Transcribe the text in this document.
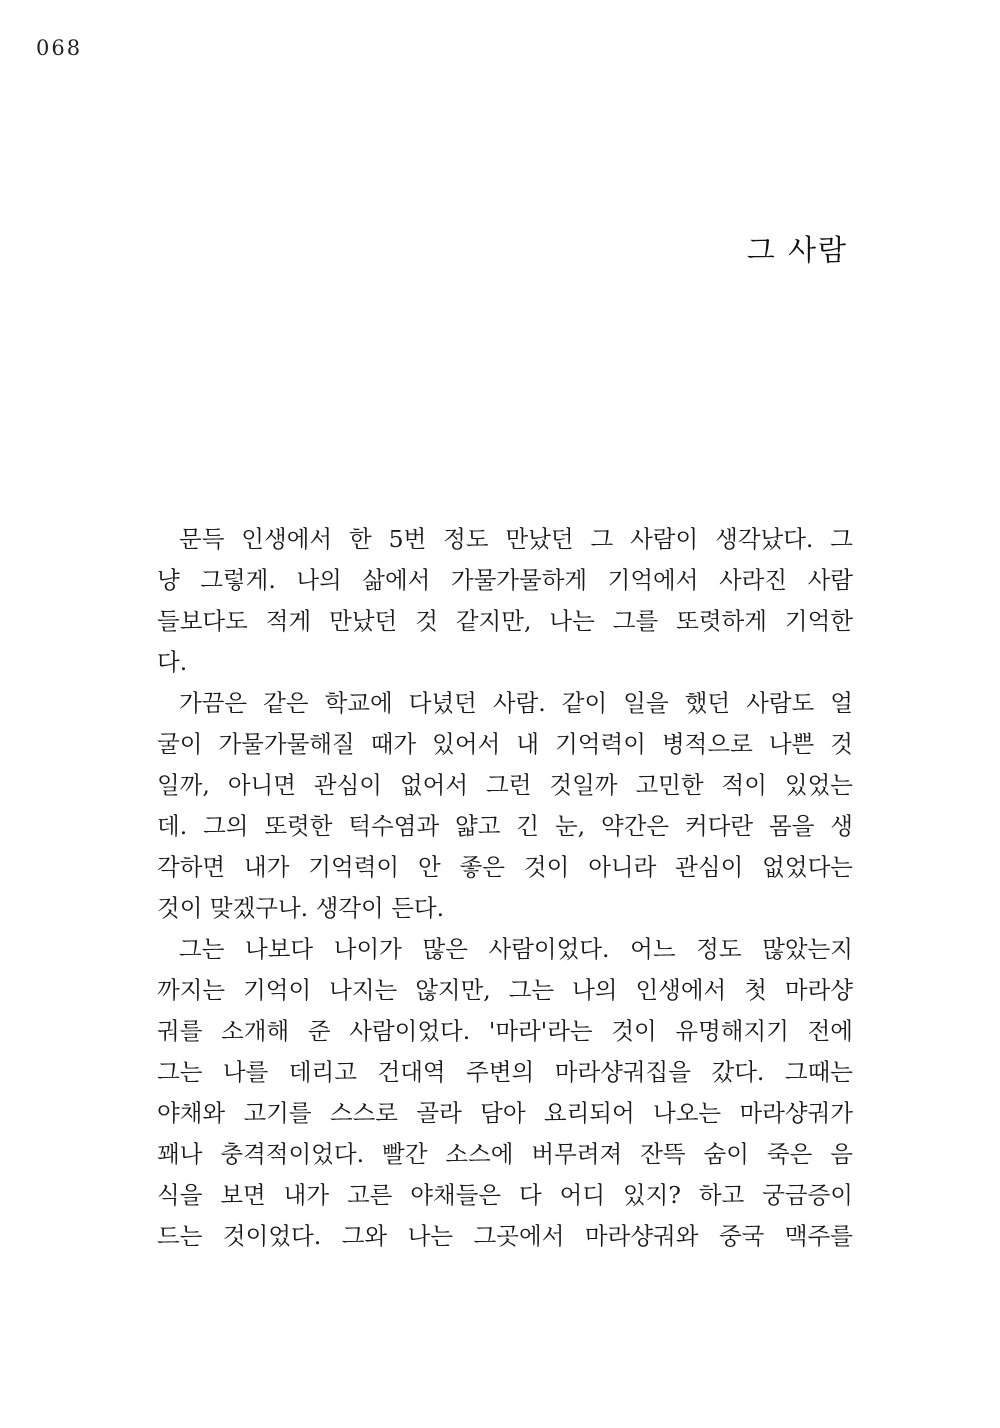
068
그 사람
문득 인생에서 한 5번 정도 만났던 그 사람이 생각났다. 그
냥 그렇게. 나의 삶에서 가물가물하게 기억에서 사라진 사람
들보다도 적게 만났던 것 같지만, 나는 그를 또렷하게 기억한
다.
가끔은 같은 학교에 다녔던 사람. 같이 일을 했던 사람도 얼
굴이 가물가물해질 때가 있어서 내 기억력이 병적으로 나쁜 것
일까, 아니면 관심이 없어서 그런 것일까 고민한 적이 있었는
데. 그의 또렷한 턱수염과 얇고 긴 눈, 약간은 커다란 몸을 생
각하면 내가 기억력이 안 좋은 것이 아니라 관심이 없었다는
것이 맞겠구나. 생각이 든다.
그는 나보다 나이가 많은 사람이었다. 어느 정도 많았는지
까지는 기억이 나지는 않지만, 그는 나의 인생에서 첫 마라샹
궈를 소개해 준 사람이었다. '마라'라는 것이 유명해지기 전에
그는 나를 데리고 건대역 주변의 마라샹궈집을 갔다. 그때는
야채와 고기를 스스로 골라 담아 요리되어 나오는 마라샹궈가
꽤나 충격적이었다. 빨간 소스에 버무려져 잔뜩 숨이 죽은 음
식을 보면 내가 고른 야채들은 다 어디 있지? 하고 궁금증이
드는 것이었다. 그와 나는 그곳에서 마라샹궈와 중국 맥주를
